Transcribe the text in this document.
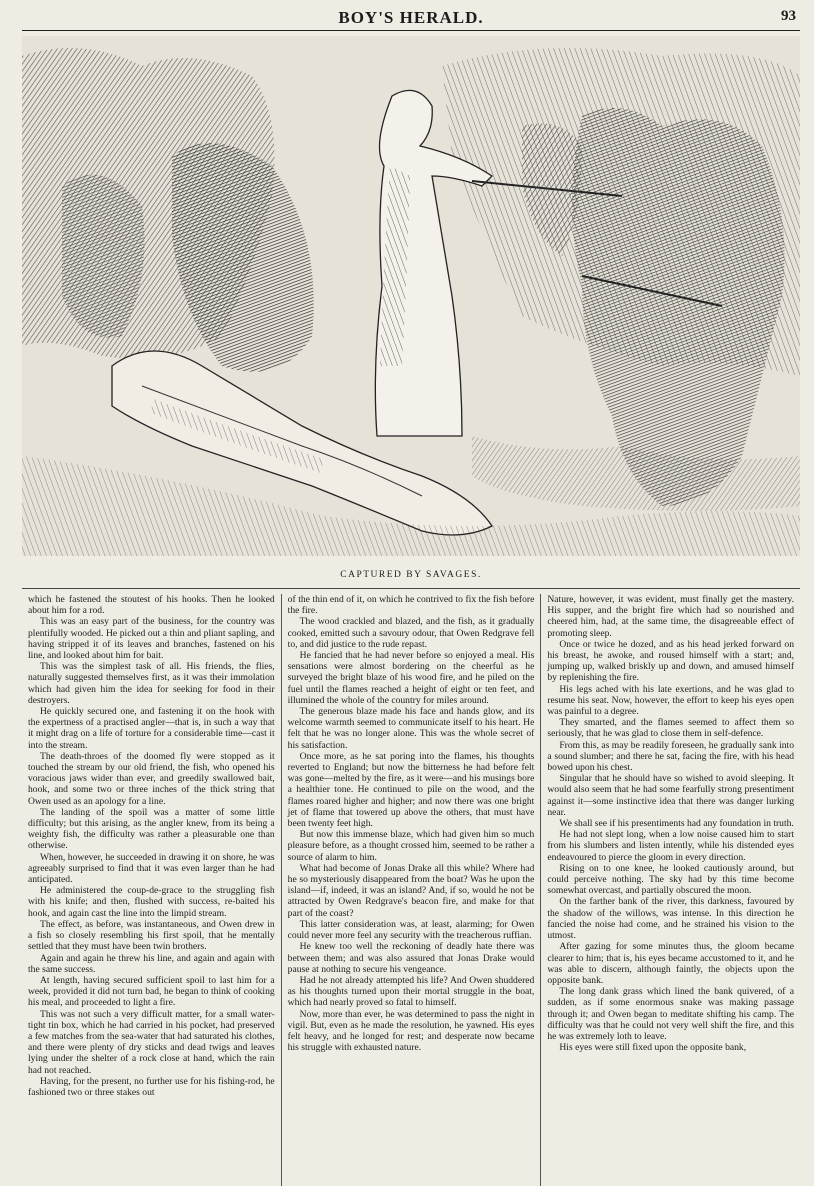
BOY'S HERALD.	93
CAPTURED BY SAVAGES.

which he fastened the stoutest of his hooks. Then he looked about him for a rod.

This was an easy part of the business, for the country was plentifully wooded. He picked out a thin and pliant sapling, and having stripped it of its leaves and branches, fastened on his line, and looked about him for bait.

This was the simplest task of all. His friends, the flies, naturally suggested themselves first, as it was their immolation which had given him the idea for seeking for food in their destroyers.

He quickly secured one, and fastening it on the hook with the expertness of a practised angler—that is, in such a way that it might drag on a life of torture for a considerable time—cast it into the stream.

The death-throes of the doomed fly were stopped as it touched the stream by our old friend, the fish, who opened his voracious jaws wider than ever, and greedily swallowed bait, hook, and some two or three inches of the thick string that Owen used as an apology for a line.

The landing of the spoil was a matter of some little difficulty; but this arising, as the angler knew, from its being a weighty fish, the difficulty was rather a pleasurable one than otherwise.

When, however, he succeeded in drawing it on shore, he was agreeably surprised to find that it was even larger than he had anticipated.

He administered the coup-de-grace to the struggling fish with his knife; and then, flushed with success, re-baited his hook, and again cast the line into the limpid stream.

The effect, as before, was instantaneous, and Owen drew in a fish so closely resembling his first spoil, that he mentally settled that they must have been twin brothers.

Again and again he threw his line, and again and again with the same success.

At length, having secured sufficient spoil to last him for a week, provided it did not turn bad, he began to think of cooking his meal, and proceeded to light a fire.

This was not such a very difficult matter, for a small water-tight tin box, which he had carried in his pocket, had preserved a few matches from the sea-water that had saturated his clothes, and there were plenty of dry sticks and dead twigs and leaves lying under the shelter of a rock close at hand, which the rain had not reached.

Having, for the present, no further use for his fishing-rod, he fashioned two or three stakes out

of the thin end of it, on which he contrived to fix the fish before the fire.

The wood crackled and blazed, and the fish, as it gradually cooked, emitted such a savoury odour, that Owen Redgrave fell to, and did justice to the rude repast.

He fancied that he had never before so enjoyed a meal. His sensations were almost bordering on the cheerful as he surveyed the bright blaze of his wood fire, and he piled on the fuel until the flames reached a height of eight or ten feet, and illumined the whole of the country for miles around.

The generous blaze made his face and hands glow, and its welcome warmth seemed to communicate itself to his heart. He felt that he was no longer alone. This was the whole secret of his satisfaction.

Once more, as he sat poring into the flames, his thoughts reverted to England; but now the bitterness he had before felt was gone—melted by the fire, as it were—and his musings bore a healthier tone. He continued to pile on the wood, and the flames roared higher and higher; and now there was one bright jet of flame that towered up above the others, that must have been twenty feet high.

But now this immense blaze, which had given him so much pleasure before, as a thought crossed him, seemed to be rather a source of alarm to him.

What had become of Jonas Drake all this while? Where had he so mysteriously disappeared from the boat? Was he upon the island—if, indeed, it was an island? And, if so, would he not be attracted by Owen Redgrave's beacon fire, and make for that part of the coast?

This latter consideration was, at least, alarming; for Owen could never more feel any security with the treacherous ruffian.

He knew too well the reckoning of deadly hate there was between them; and was also assured that Jonas Drake would pause at nothing to secure his vengeance.

Had he not already attempted his life? And Owen shuddered as his thoughts turned upon their mortal struggle in the boat, which had nearly proved so fatal to himself.

Now, more than ever, he was determined to pass the night in vigil. But, even as he made the resolution, he yawned. His eyes felt heavy, and he longed for rest; and desperate now became his struggle with exhausted nature.

Nature, however, it was evident, must finally get the mastery. His supper, and the bright fire which had so nourished and cheered him, had, at the same time, the disagreeable effect of promoting sleep.

Once or twice he dozed, and as his head jerked forward on his breast, he awoke, and roused himself with a start; and, jumping up, walked briskly up and down, and amused himself by replenishing the fire.

His legs ached with his late exertions, and he was glad to resume his seat. Now, however, the effort to keep his eyes open was painful to a degree.

They smarted, and the flames seemed to affect them so seriously, that he was glad to close them in self-defence.

From this, as may be readily foreseen, he gradually sank into a sound slumber; and there he sat, facing the fire, with his head bowed upon his chest.

Singular that he should have so wished to avoid sleeping. It would also seem that he had some fearfully strong presentiment against it—some instinctive idea that there was danger lurking near.

We shall see if his presentiments had any foundation in truth.

He had not slept long, when a low noise caused him to start from his slumbers and listen intently, while his distended eyes endeavoured to pierce the gloom in every direction.

Rising on to one knee, he looked cautiously around, but could perceive nothing. The sky had by this time become somewhat overcast, and partially obscured the moon.

On the farther bank of the river, this darkness, favoured by the shadow of the willows, was intense. In this direction he fancied the noise had come, and he strained his vision to the utmost.

After gazing for some minutes thus, the gloom became clearer to him; that is, his eyes became accustomed to it, and he was able to discern, although faintly, the objects upon the opposite bank.

The long dank grass which lined the bank quivered, of a sudden, as if some enormous snake was making passage through it; and Owen began to meditate shifting his camp. The difficulty was that he could not very well shift the fire, and this he was extremely loth to leave.

His eyes were still fixed upon the opposite bank,
